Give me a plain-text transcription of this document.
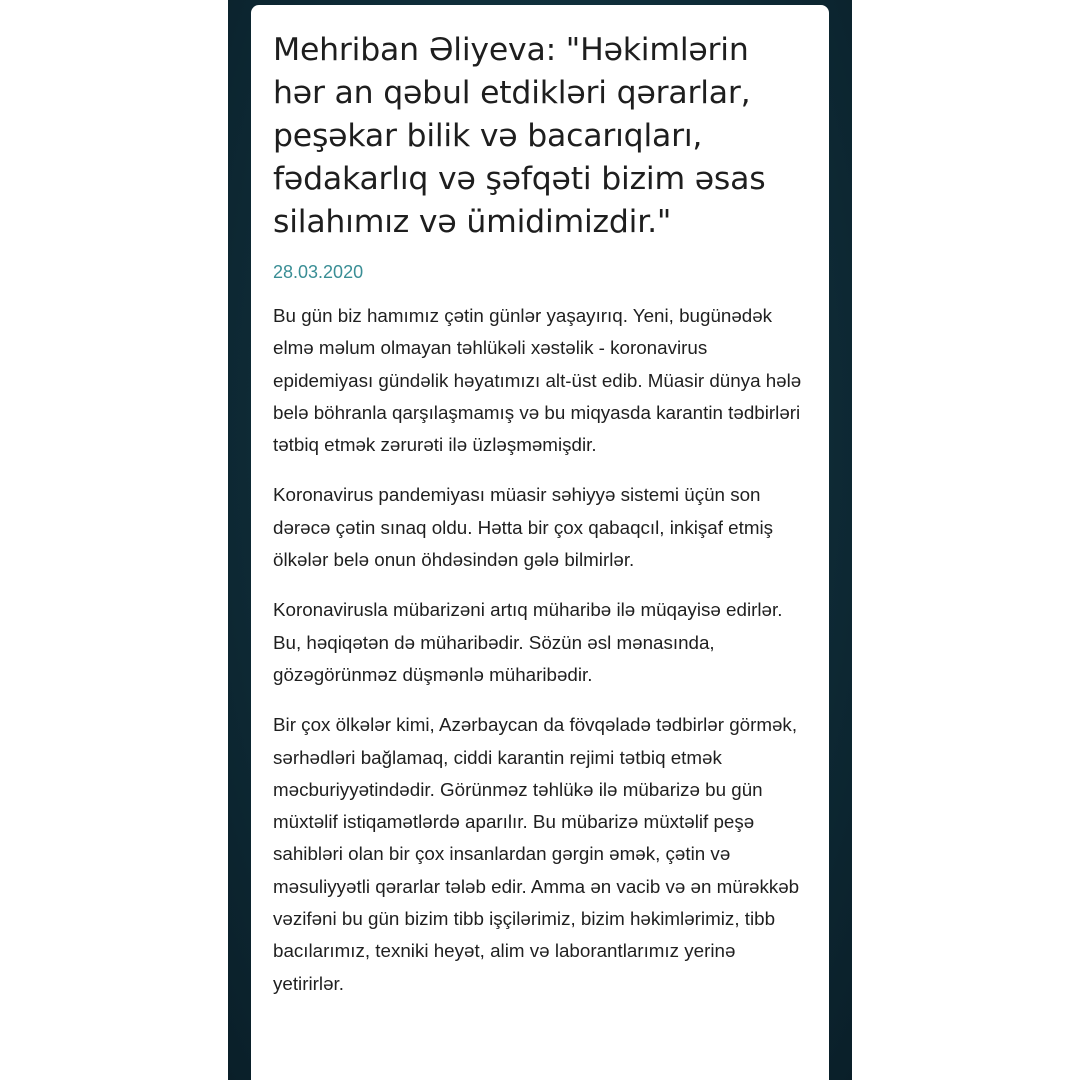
Mehriban Əliyeva: "Həkimlərin hər an qəbul etdikləri qərarlar, peşəkar bilik və bacarıqları, fədakarlıq və şəfqəti bizim əsas silahımız və ümidimizdir."
28.03.2020

Bu gün biz hamımız çətin günlər yaşayırıq. Yeni, bugünədək elmə məlum olmayan təhlükəli xəstəlik - koronavirus  epidemiyası gündəlik həyatımızı alt-üst edib. Müasir dünya hələ belə böhranla qarşılaşmamış və bu miqyasda karantin tədbirləri tətbiq etmək zərurəti ilə üzləşməmişdir.

Koronavirus pandemiyası müasir səhiyyə sistemi üçün son dərəcə çətin sınaq oldu. Hətta bir çox qabaqcıl, inkişaf etmiş ölkələr belə onun öhdəsindən gələ bilmirlər.

Koronavirusla mübarizəni artıq müharibə ilə müqayisə edirlər. Bu, həqiqətən də müharibədir. Sözün əsl mənasında, gözəgörünməz düşmənlə müharibədir.

Bir çox ölkələr kimi, Azərbaycan da fövqəladə tədbirlər görmək, sərhədləri bağlamaq, ciddi karantin rejimi tətbiq etmək məcburiyyətindədir. Görünməz təhlükə ilə mübarizə bu gün müxtəlif istiqamətlərdə aparılır. Bu mübarizə müxtəlif peşə sahibləri olan bir çox insanlardan gərgin əmək, çətin və məsuliyyətli qərarlar tələb edir. Amma ən vacib və ən mürəkkəb vəzifəni bu gün bizim tibb işçilərimiz, bizim həkimlərimiz, tibb bacılarımız, texniki heyət, alim və laborantlarımız yerinə yetirirlər.
